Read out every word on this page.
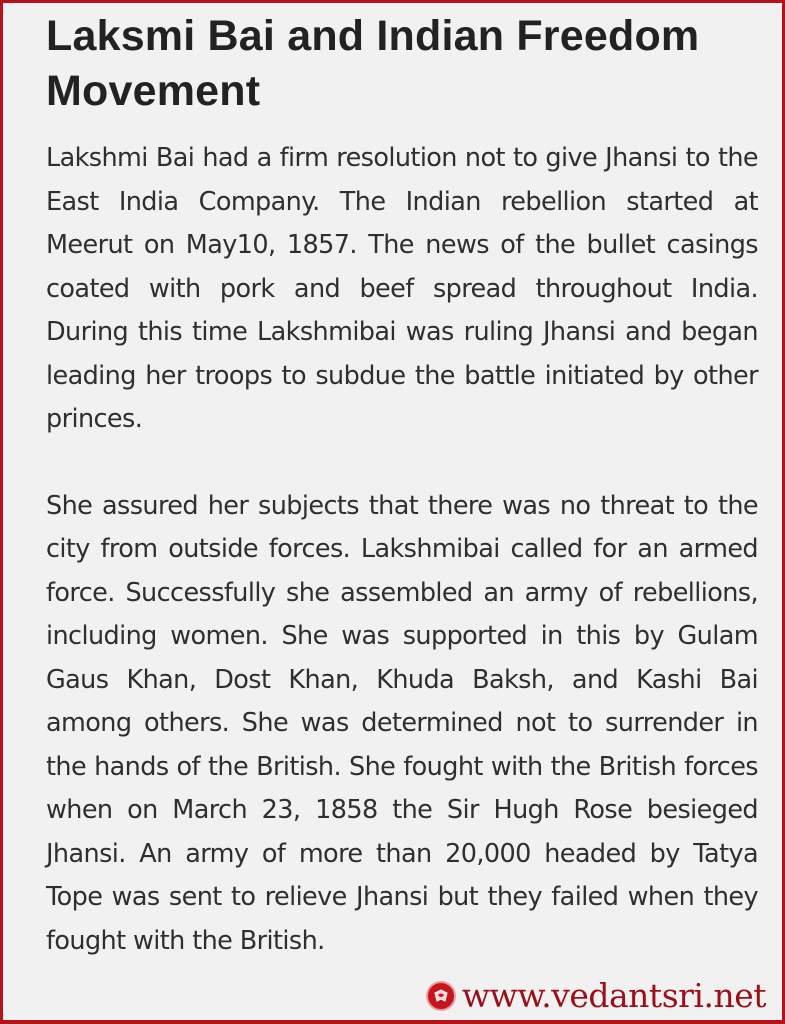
Laksmi Bai and Indian Freedom Movement

Lakshmi Bai had a firm resolution not to give Jhansi to the East India Company. The Indian rebellion started at Meerut on May10, 1857. The news of the bullet casings coated with pork and beef spread throughout India. During this time Lakshmibai was ruling Jhansi and began leading her troops to subdue the battle initiated by other princes.

She assured her subjects that there was no threat to the city from outside forces. Lakshmibai called for an armed force. Successfully she assembled an army of rebellions, including women. She was supported in this by Gulam Gaus Khan, Dost Khan, Khuda Baksh, and Kashi Bai among others. She was determined not to surrender in the hands of the British. She fought with the British forces when on March 23, 1858 the Sir Hugh Rose besieged Jhansi. An army of more than 20,000 headed by Tatya Tope was sent to relieve Jhansi but they failed when they fought with the British.

www.vedantsri.net
